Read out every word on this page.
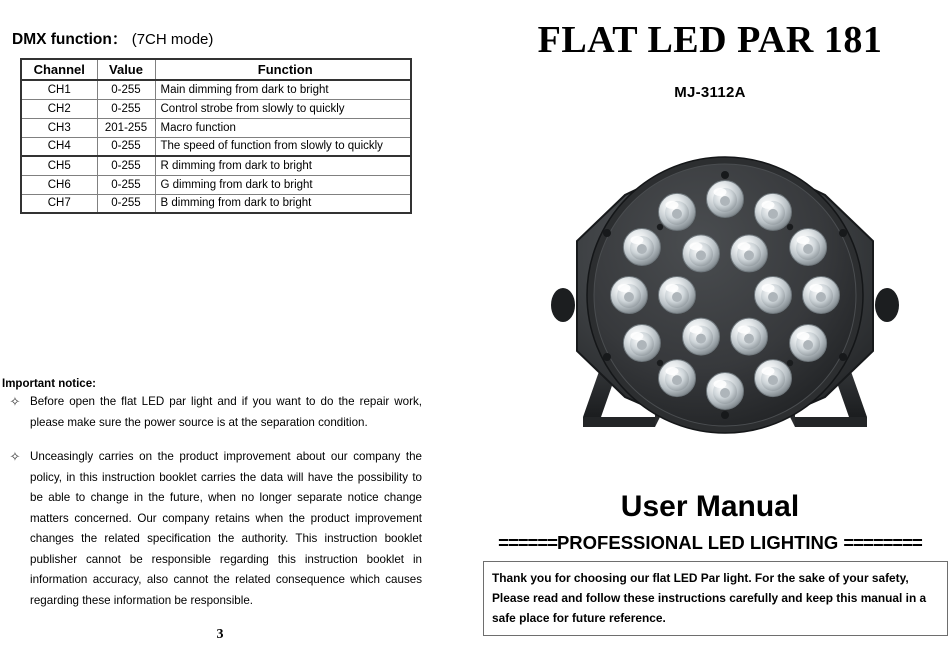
DMX function： (7CH mode)
Channel	Value	Function
CH1	0-255	Main dimming from dark to bright
CH2	0-255	Control strobe from slowly to quickly
CH3	201-255	Macro function
CH4	0-255	The speed of function from slowly to quickly
CH5	0-255	R dimming from dark to bright
CH6	0-255	G dimming from dark to bright
CH7	0-255	B dimming from dark to bright
Important notice:
✧ Before open the flat LED par light and if you want to do the repair work, please make sure the power source is at the separation condition.
✧ Unceasingly carries on the product improvement about our company the policy, in this instruction booklet carries the data will have the possibility to be able to change in the future, when no longer separate notice change matters concerned. Our company retains when the product improvement changes the related specification the authority. This instruction booklet publisher cannot be responsible regarding this instruction booklet in information accuracy, also cannot the related consequence which causes regarding these information be responsible.
3
FLAT LED PAR 181
MJ-3112A
User Manual
======PROFESSIONAL LED LIGHTING ========
Thank you for choosing our flat LED Par light. For the sake of your safety, Please read and follow these instructions carefully and keep this manual in a safe place for future reference.
